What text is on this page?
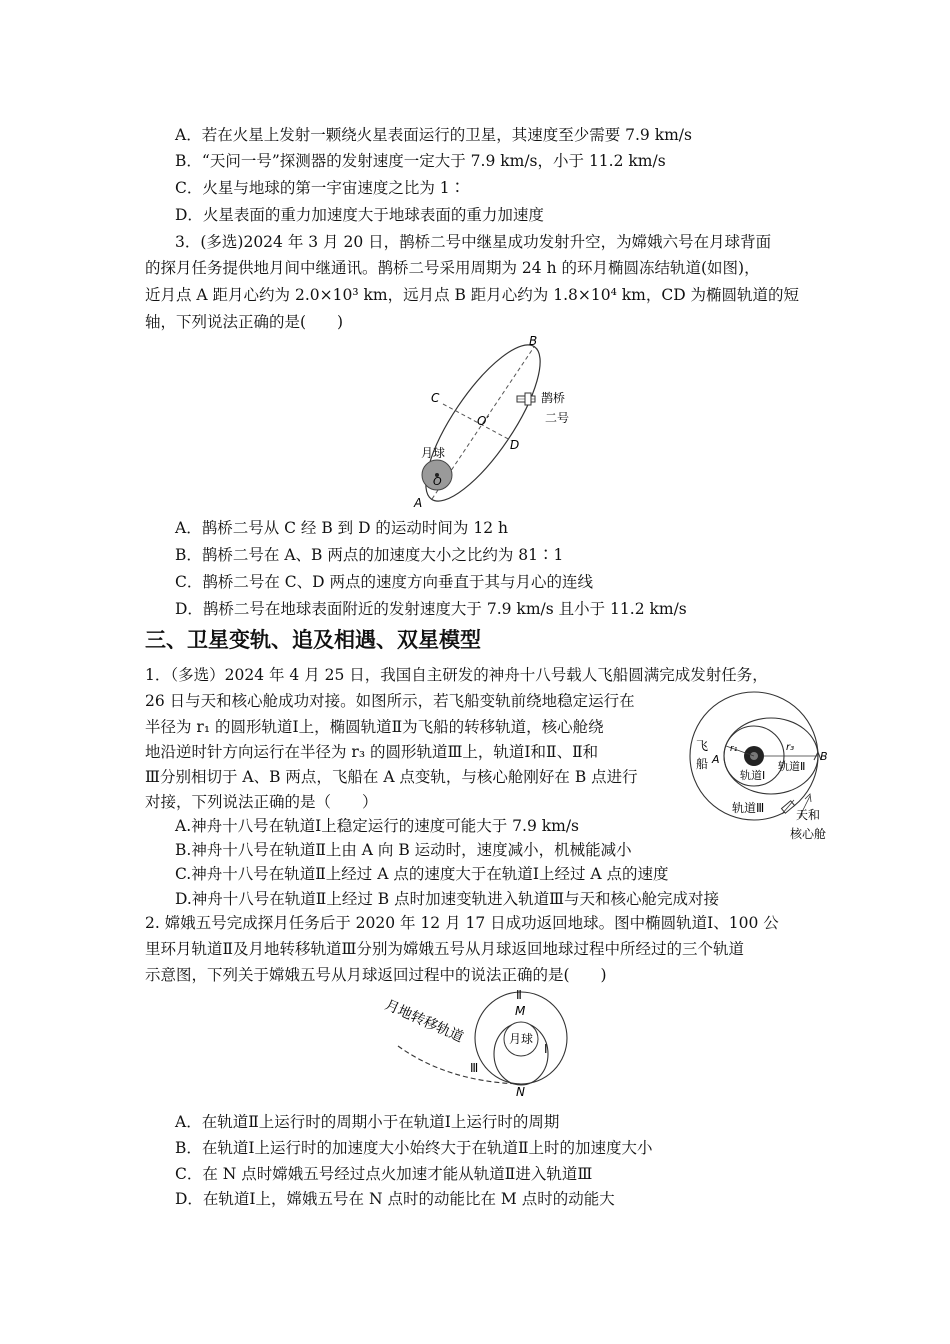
A．若在火星上发射一颗绕火星表面运行的卫星，其速度至少需要 7.9 km/s
B．“天问一号”探测器的发射速度一定大于 7.9 km/s，小于 11.2 km/s
C．火星与地球的第一宇宙速度之比为 1∶
D．火星表面的重力加速度大于地球表面的重力加速度
3．(多选)2024 年 3 月 20 日，鹊桥二号中继星成功发射升空，为嫦娥六号在月球背面
的探月任务提供地月间中继通讯。鹊桥二号采用周期为 24 h 的环月椭圆冻结轨道(如图)，
近月点 A 距月心约为 2.0×10³ km，远月点 B 距月心约为 1.8×10⁴ km，CD 为椭圆轨道的短
轴，下列说法正确的是(　　)
B
C
O′
D
A
O
月球
鹊桥
二号
A．鹊桥二号从 C 经 B 到 D 的运动时间为 12 h
B．鹊桥二号在 A、B 两点的加速度大小之比约为 81∶1
C．鹊桥二号在 C、D 两点的速度方向垂直于其与月心的连线
D．鹊桥二号在地球表面附近的发射速度大于 7.9 km/s 且小于 11.2 km/s
三、卫星变轨、追及相遇、双星模型
1．（多选）2024 年 4 月 25 日，我国自主研发的神舟十八号载人飞船圆满完成发射任务，
26 日与天和核心舱成功对接。如图所示，若飞船变轨前绕地稳定运行在
半径为 r₁ 的圆形轨道Ⅰ上，椭圆轨道Ⅱ为飞船的转移轨道，核心舱绕
地沿逆时针方向运行在半径为 r₃ 的圆形轨道Ⅲ上，轨道Ⅰ和Ⅱ、Ⅱ和
Ⅲ分别相切于 A、B 两点，飞船在 A 点变轨，与核心舱刚好在 B 点进行
对接，下列说法正确的是（　　）
飞
船 A
r₁	r₃
B
轨道Ⅰ
轨道Ⅱ
轨道Ⅲ	天和
核心舱
A.神舟十八号在轨道Ⅰ上稳定运行的速度可能大于 7.9 km/s
B.神舟十八号在轨道Ⅱ上由 A 向 B 运动时，速度减小，机械能减小
C.神舟十八号在轨道Ⅱ上经过 A 点的速度大于在轨道Ⅰ上经过 A 点的速度
D.神舟十八号在轨道Ⅱ上经过 B 点时加速变轨进入轨道Ⅲ与天和核心舱完成对接
2. 嫦娥五号完成探月任务后于 2020 年 12 月 17 日成功返回地球。图中椭圆轨道Ⅰ、100 公
里环月轨道Ⅱ及月地转移轨道Ⅲ分别为嫦娥五号从月球返回地球过程中所经过的三个轨道
示意图，下列关于嫦娥五号从月球返回过程中的说法正确的是(　　)
月地转移轨道
Ⅲ
Ⅱ
M
月球
Ⅰ
N
A．在轨道Ⅱ上运行时的周期小于在轨道Ⅰ上运行时的周期
B．在轨道Ⅰ上运行时的加速度大小始终大于在轨道Ⅱ上时的加速度大小
C．在 N 点时嫦娥五号经过点火加速才能从轨道Ⅱ进入轨道Ⅲ
D．在轨道Ⅰ上，嫦娥五号在 N 点时的动能比在 M 点时的动能大
